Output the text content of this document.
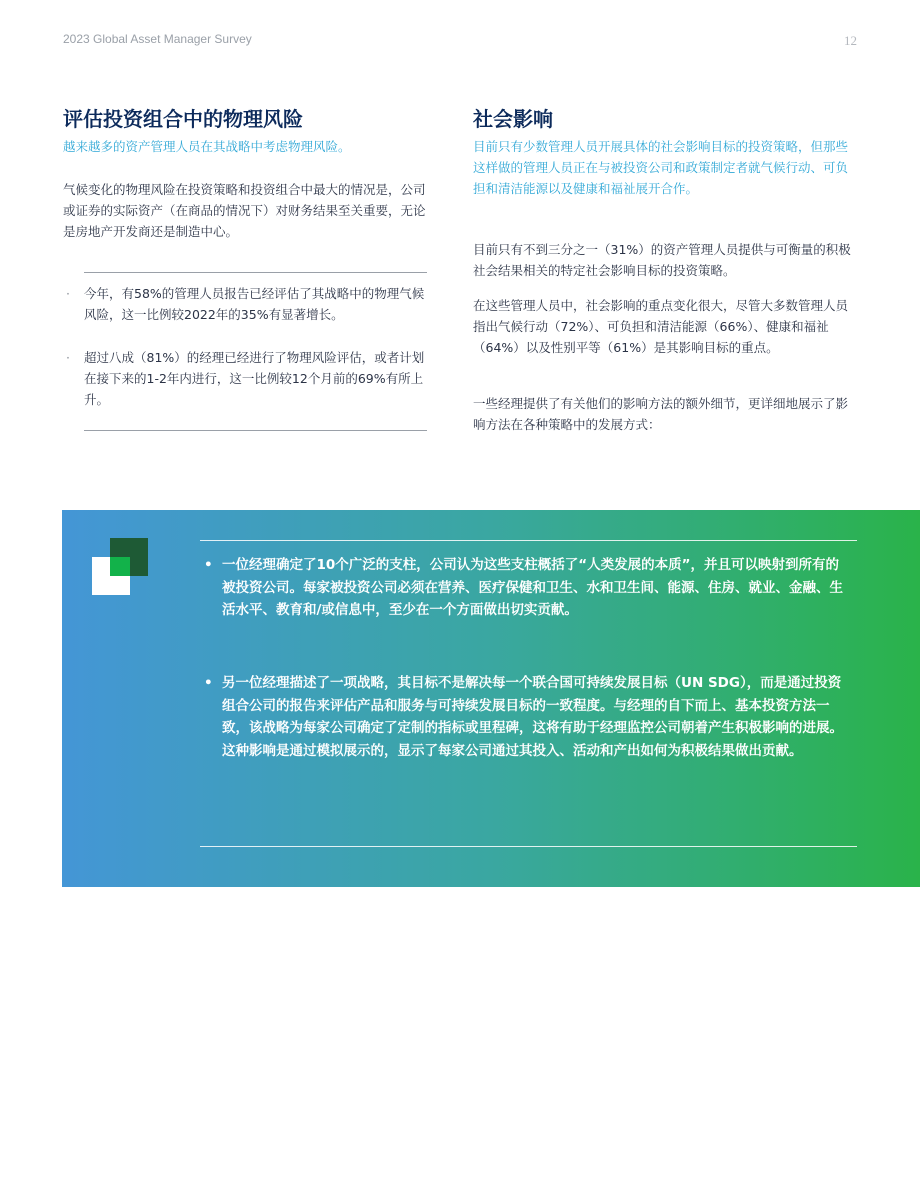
2023 Global Asset Manager Survey	12
评估投资组合中的物理风险

越来越多的资产管理人员在其战略中考虑物理风险。

气候变化的物理风险在投资策略和投资组合中最大的情况是，公司或证券的实际资产（在商品的情况下）对财务结果至关重要，无论是房地产开发商还是制造中心。

· 今年，有58%的管理人员报告已经评估了其战略中的物理气候风险，这一比例较2022年的35%有显著增长。
· 超过八成（81%）的经理已经进行了物理风险评估，或者计划在接下来的1-2年内进行，这一比例较12个月前的69%有所上升。
社会影响

目前只有少数管理人员开展具体的社会影响目标的投资策略，但那些这样做的管理人员正在与被投资公司和政策制定者就气候行动、可负担和清洁能源以及健康和福祉展开合作。

目前只有不到三分之一（31%）的资产管理人员提供与可衡量的积极社会结果相关的特定社会影响目标的投资策略。

在这些管理人员中，社会影响的重点变化很大，尽管大多数管理人员指出气候行动（72%）、可负担和清洁能源（66%）、健康和福祉（64%）以及性别平等（61%）是其影响目标的重点。

一些经理提供了有关他们的影响方法的额外细节，更详细地展示了影响方法在各种策略中的发展方式：

• 一位经理确定了10个广泛的支柱，公司认为这些支柱概括了“人类发展的本质”，并且可以映射到所有的被投资公司。每家被投资公司必须在营养、医疗保健和卫生、水和卫生间、能源、住房、就业、金融、生活水平、教育和/或信息中，至少在一个方面做出切实贡献。
• 另一位经理描述了一项战略，其目标不是解决每一个联合国可持续发展目标（UN SDG），而是通过投资组合公司的报告来评估产品和服务与可持续发展目标的一致程度。与经理的自下而上、基本投资方法一致，该战略为每家公司确定了定制的指标或里程碑，这将有助于经理监控公司朝着产生积极影响的进展。这种影响是通过模拟展示的，显示了每家公司通过其投入、活动和产出如何为积极结果做出贡献。
